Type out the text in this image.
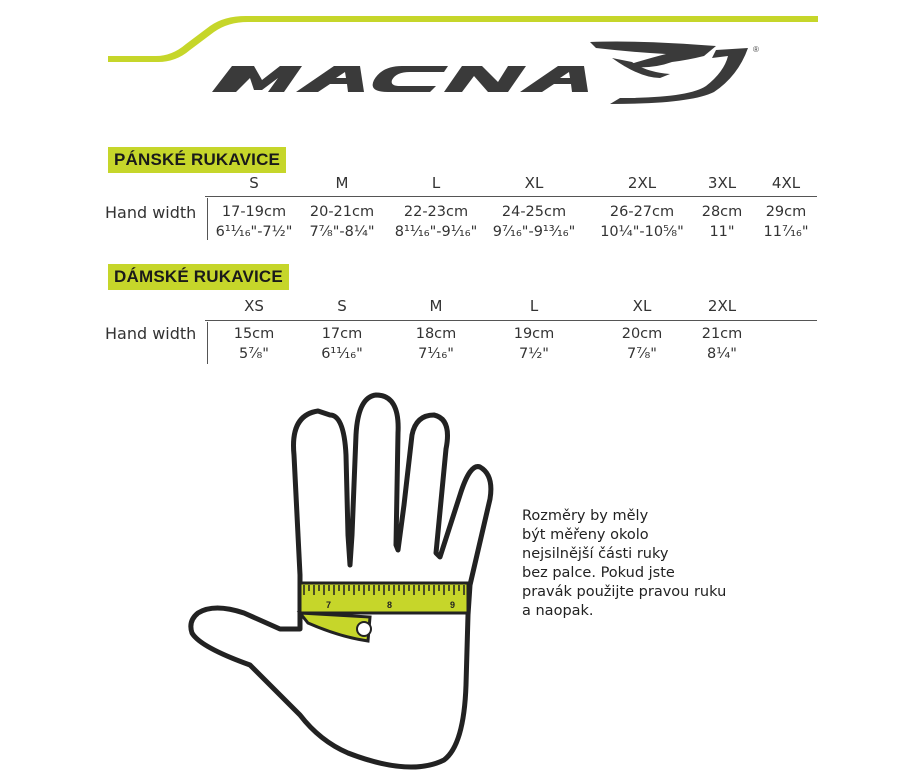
®
PÁNSKÉ RUKAVICE
S
17-19cm
6¹¹⁄₁₆"-7½"
M
20-21cm
7⁷⁄₈"-8¼"
L
22-23cm
8¹¹⁄₁₆"-9¹⁄₁₆"
XL
24-25cm
9⁷⁄₁₆"-9¹³⁄₁₆"
2XL
26-27cm
10¼"-10⁵⁄₈"
3XL
28cm
11"
4XL
29cm
11⁷⁄₁₆"
Hand width
DÁMSKÉ RUKAVICE
XS
15cm
5⁷⁄₈"
S
17cm
6¹¹⁄₁₆"
M
18cm
7¹⁄₁₆"
L
19cm
7½"
XL
20cm
7⁷⁄₈"
2XL
21cm
8¼"
Hand width
7	8	9
Rozměry by měly
být měřeny okolo
nejsilnější části ruky
bez palce. Pokud jste
pravák použijte pravou ruku
a naopak.
